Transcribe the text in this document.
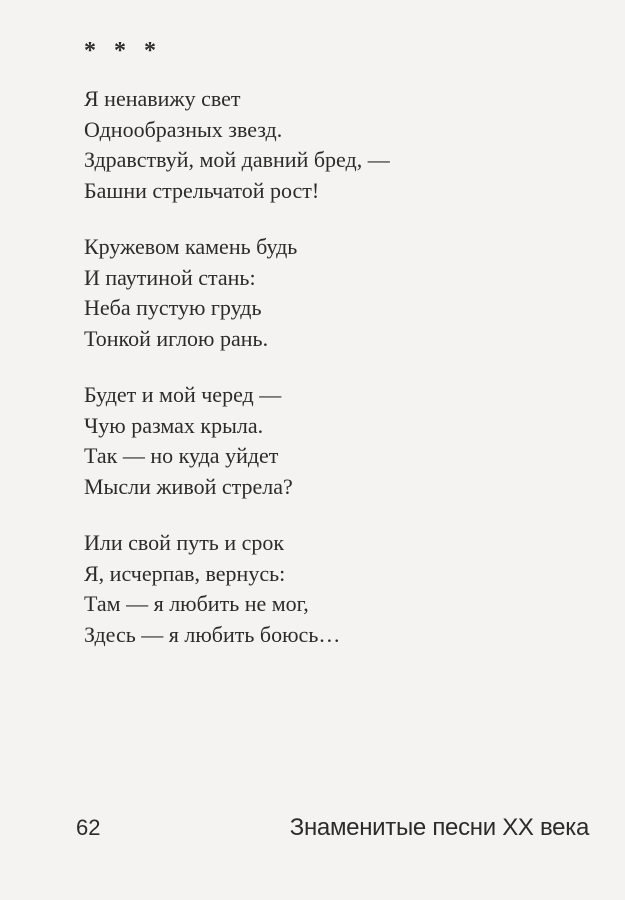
* * *
Я ненавижу свет
Однообразных звезд.
Здравствуй, мой давний бред, —
Башни стрельчатой рост!
Кружевом камень будь
И паутиной стань:
Неба пустую грудь
Тонкой иглою рань.
Будет и мой черед —
Чую размах крыла.
Так — но куда уйдет
Мысли живой стрела?
Или свой путь и срок
Я, исчерпав, вернусь:
Там — я любить не мог,
Здесь — я любить боюсь…
62	Знаменитые песни XX века
